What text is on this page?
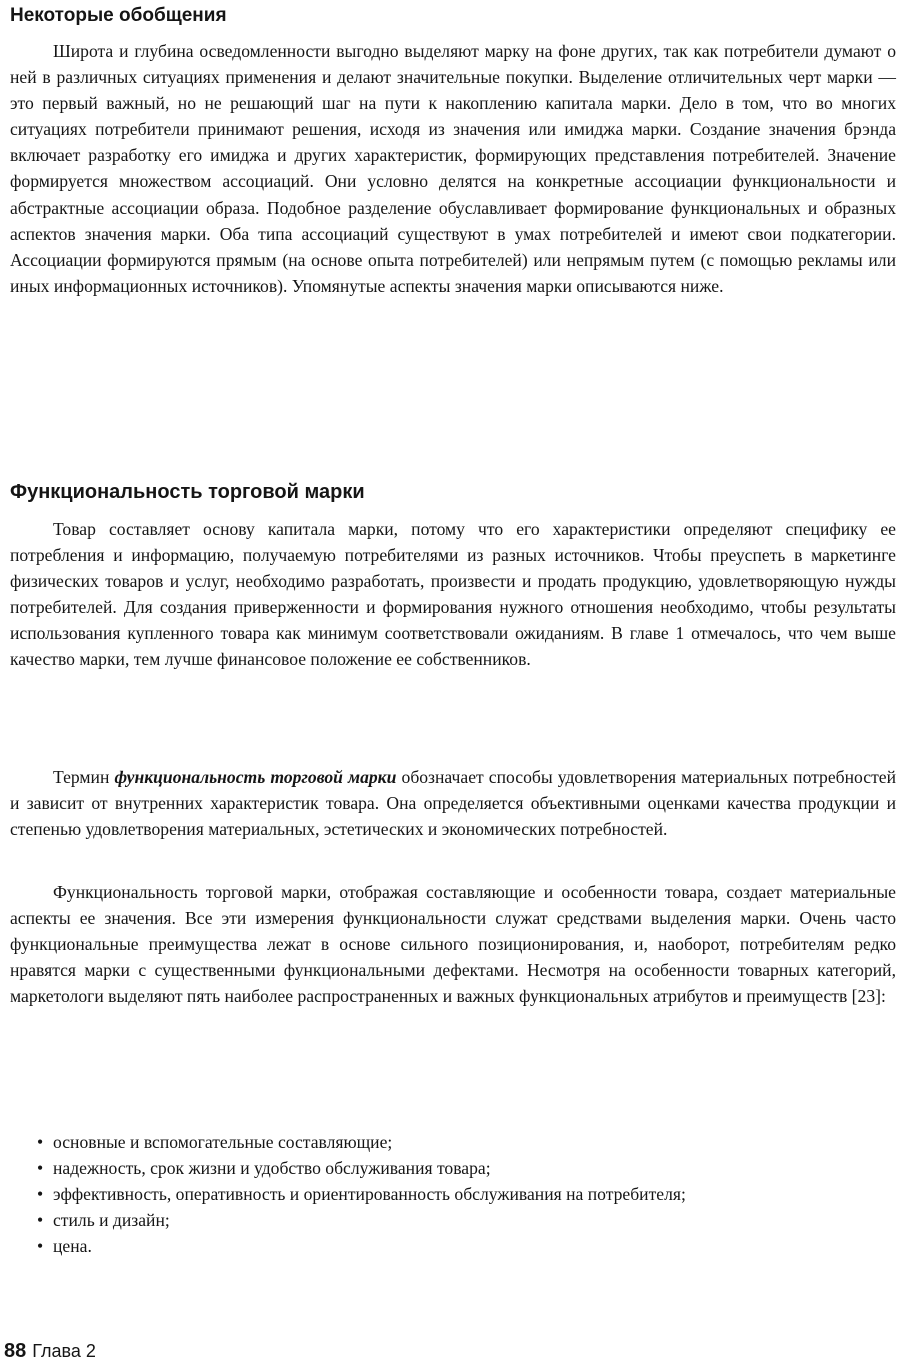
Некоторые обобщения

Широта и глубина осведомленности выгодно выделяют марку на фоне других, так как потребители думают о ней в различных ситуациях применения и делают значительные покупки. Выделение отличительных черт марки — это первый важный, но не решающий шаг на пути к накоплению капитала марки. Дело в том, что во многих ситуациях потребители принимают решения, исходя из значения или имиджа марки. Создание значения брэнда включает разработку его имиджа и других характеристик, формирующих представления потребителей. Значение формируется множеством ассоциаций. Они условно делятся на конкретные ассоциации функциональности и абстрактные ассоциации образа. Подобное разделение обуславливает формирование функциональных и образных аспектов значения марки. Оба типа ассоциаций существуют в умах потребителей и имеют свои подкатегории. Ассоциации формируются прямым (на основе опыта потребителей) или непрямым путем (с помощью рекламы или иных информационных источников). Упомянутые аспекты значения марки описываются ниже.

Функциональность торговой марки

Товар составляет основу капитала марки, потому что его характеристики определяют специфику ее потребления и информацию, получаемую потребителями из разных источников. Чтобы преуспеть в маркетинге физических товаров и услуг, необходимо разработать, произвести и продать продукцию, удовлетворяющую нужды потребителей. Для создания приверженности и формирования нужного отношения необходимо, чтобы результаты использования купленного товара как минимум соответствовали ожиданиям. В главе 1 отмечалось, что чем выше качество марки, тем лучше финансовое положение ее собственников.

Термин функциональность торговой марки обозначает способы удовлетворения материальных потребностей и зависит от внутренних характеристик товара. Она определяется объективными оценками качества продукции и степенью удовлетворения материальных, эстетических и экономических потребностей.

Функциональность торговой марки, отображая составляющие и особенности товара, создает материальные аспекты ее значения. Все эти измерения функциональности служат средствами выделения марки. Очень часто функциональные преимущества лежат в основе сильного позиционирования, и, наоборот, потребителям редко нравятся марки с существенными функциональными дефектами. Несмотря на особенности товарных категорий, маркетологи выделяют пять наиболее распространенных и важных функциональных атрибутов и преимуществ [23]:

• основные и вспомогательные составляющие;
• надежность, срок жизни и удобство обслуживания товара;
• эффективность, оперативность и ориентированность обслуживания на потребителя;
• стиль и дизайн;
• цена.
88 Глава 2
